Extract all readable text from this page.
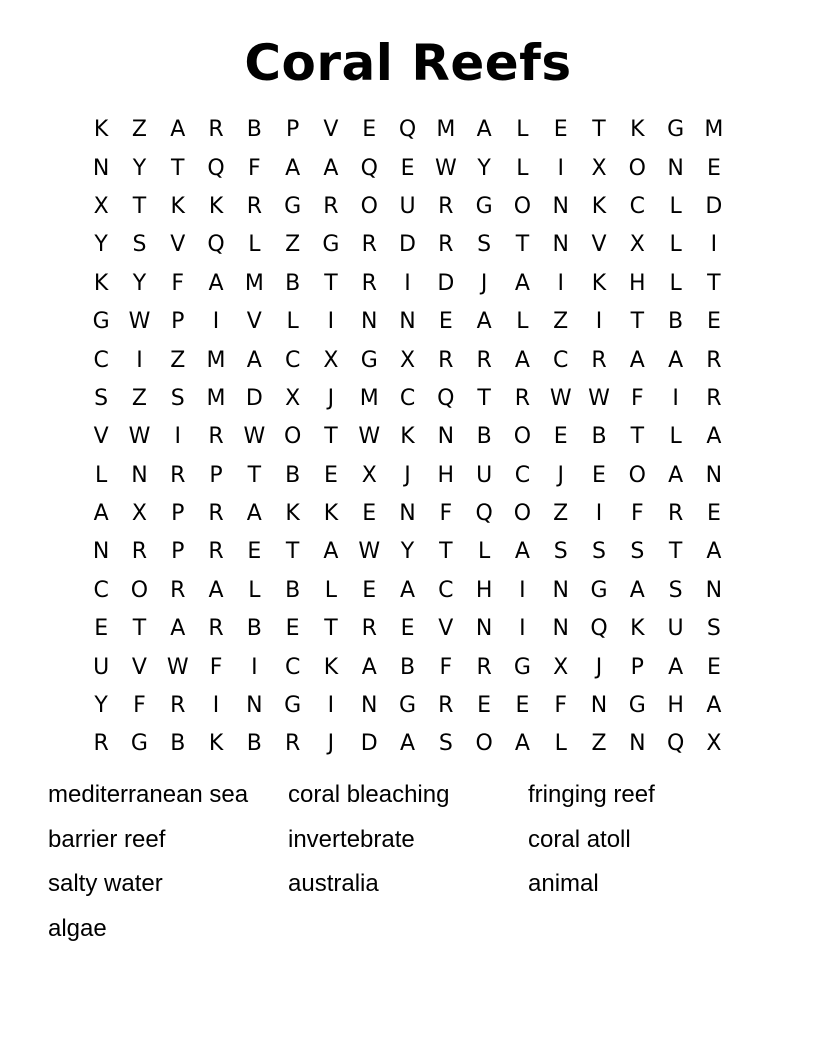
Coral Reefs
K	Z	A	R	B	P	V	E	Q M A	L	E	T	K	G M
N	Y	T	Q	F	A	A	Q	E W Y	L	I	X	O N	E
X	T	K	K	R	G	R O U	R	G O N	K	C	L	D
Y	S	V	Q	L	Z	G	R	D	R	S	T	N	V	X	L	I
K	Y	F	A M B	T	R	I	D	J	A	I	K	H	L	T
G W P	I	V	L	I	N N	E	A	L	Z	I	T	B	E
C	I	Z M A	C	X	G	X	R	R	A	C	R	A	A	R
S	Z	S M D	X	J	M C Q	T	R W W F	I	R
V W	I	R W O	T W K	N	B	O	E	B	T	L	A
L	N	R	P	T	B	E	X	J	H U	C	J	E	O	A	N
A	X	P	R	A	K	K	E	N	F	Q O	Z	I	F	R	E
N	R	P	R	E	T	A W Y	T	L	A	S	S	S	T	A
C O R	A	L	B	L	E	A	C	H	I	N G	A	S	N
E	T	A	R	B	E	T	R	E	V	N	I	N Q	K	U	S
U	V W F	I	C	K	A	B	F	R	G	X	J	P	A	E
Y	F	R	I	N G	I	N G	R	E	E	F	N G H	A
R	G	B	K	B	R	J	D	A	S	O	A	L	Z	N Q	X
mediterranean sea	coral bleaching	fringing reef
barrier reef	invertebrate	coral atoll
salty water	australia	animal
algae
